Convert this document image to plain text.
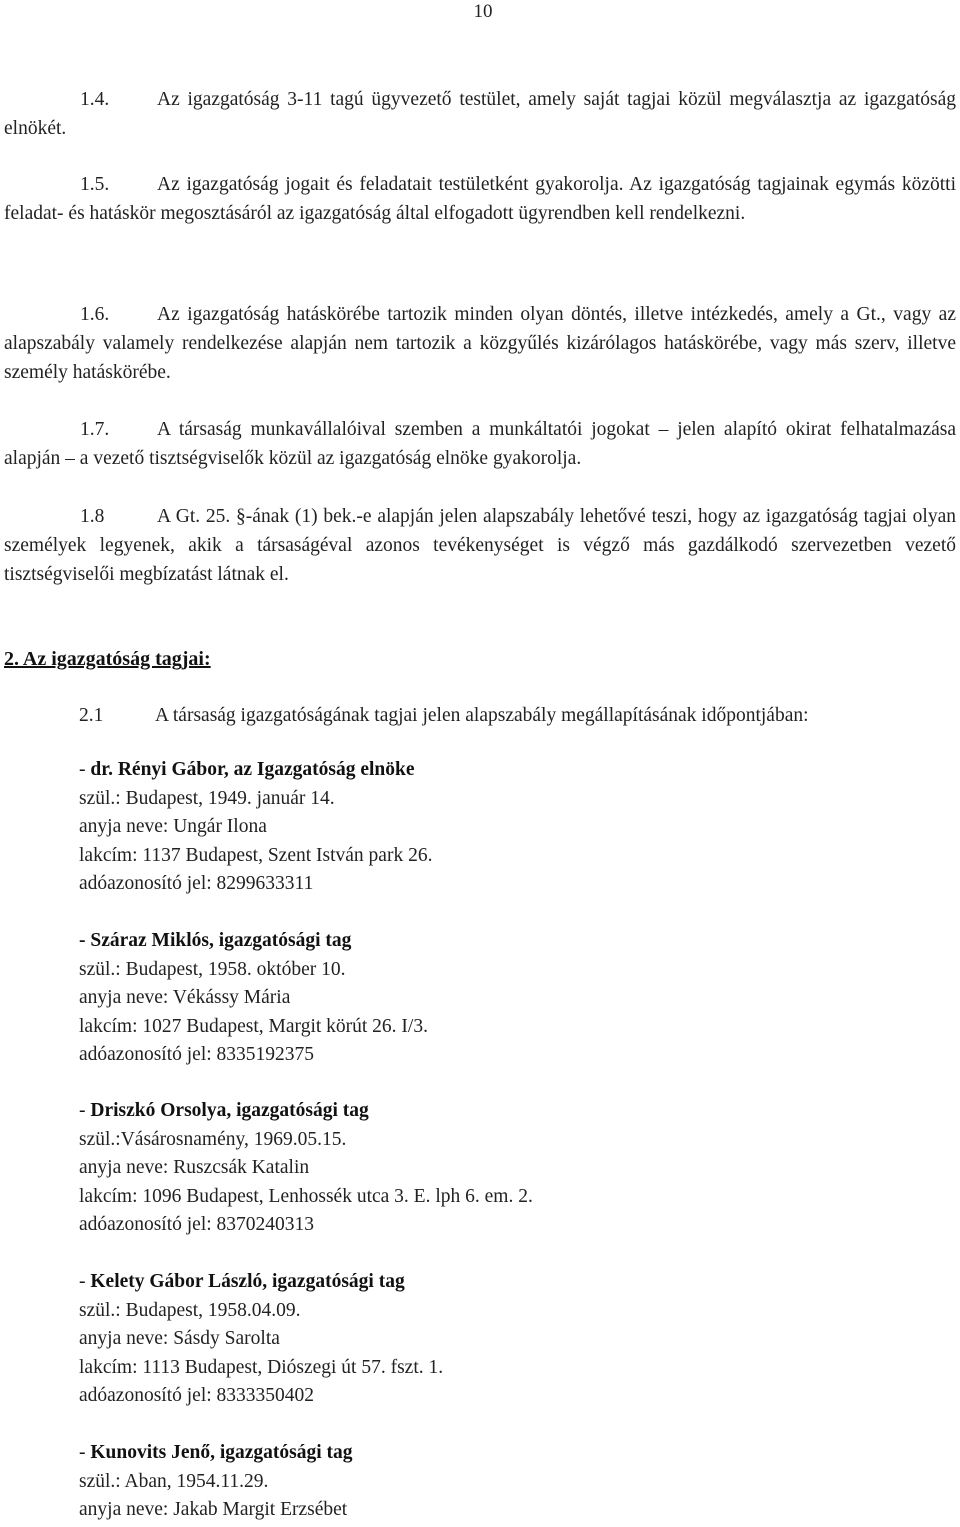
10

1.4. Az igazgatóság 3-11 tagú ügyvezető testület, amely saját tagjai közül megválasztja az igazgatóság elnökét.

1.5. Az igazgatóság jogait és feladatait testületként gyakorolja. Az igazgatóság tagjainak egymás közötti feladat- és hatáskör megosztásáról az igazgatóság által elfogadott ügyrendben kell rendelkezni.

1.6. Az igazgatóság hatáskörébe tartozik minden olyan döntés, illetve intézkedés, amely a Gt., vagy az alapszabály valamely rendelkezése alapján nem tartozik a közgyűlés kizárólagos hatáskörébe, vagy más szerv, illetve személy hatáskörébe.

1.7. A társaság munkavállalóival szemben a munkáltatói jogokat – jelen alapító okirat felhatalmazása alapján – a vezető tisztségviselők közül az igazgatóság elnöke gyakorolja.

1.8	A Gt. 25. §-ának (1) bek.-e alapján jelen alapszabály lehetővé teszi, hogy az igazgatóság tagjai olyan személyek legyenek, akik a társaságéval azonos tevékenységet is végző más gazdálkodó szervezetben vezető tisztségviselői megbízatást látnak el.

2. Az igazgatóság tagjai:

2.1	A társaság igazgatóságának tagjai jelen alapszabály megállapításának időpontjában:

- dr. Rényi Gábor, az Igazgatóság elnöke
szül.: Budapest, 1949. január 14.
anyja neve: Ungár Ilona
lakcím: 1137 Budapest, Szent István park 26.
adóazonosító jel: 8299633311
- Száraz Miklós, igazgatósági tag
szül.: Budapest, 1958. október 10.
anyja neve: Vékássy Mária
lakcím: 1027 Budapest, Margit körút 26. I/3.
adóazonosító jel: 8335192375
- Driszkó Orsolya, igazgatósági tag
szül.:Vásárosnamény, 1969.05.15.
anyja neve: Ruszcsák Katalin
lakcím: 1096 Budapest, Lenhossék utca 3. E. lph 6. em. 2.
adóazonosító jel: 8370240313
- Kelety Gábor László, igazgatósági tag
szül.: Budapest, 1958.04.09.
anyja neve: Sásdy Sarolta
lakcím: 1113 Budapest, Diószegi út 57. fszt. 1.
adóazonosító jel: 8333350402
- Kunovits Jenő, igazgatósági tag
szül.: Aban, 1954.11.29.
anyja neve: Jakab Margit Erzsébet
